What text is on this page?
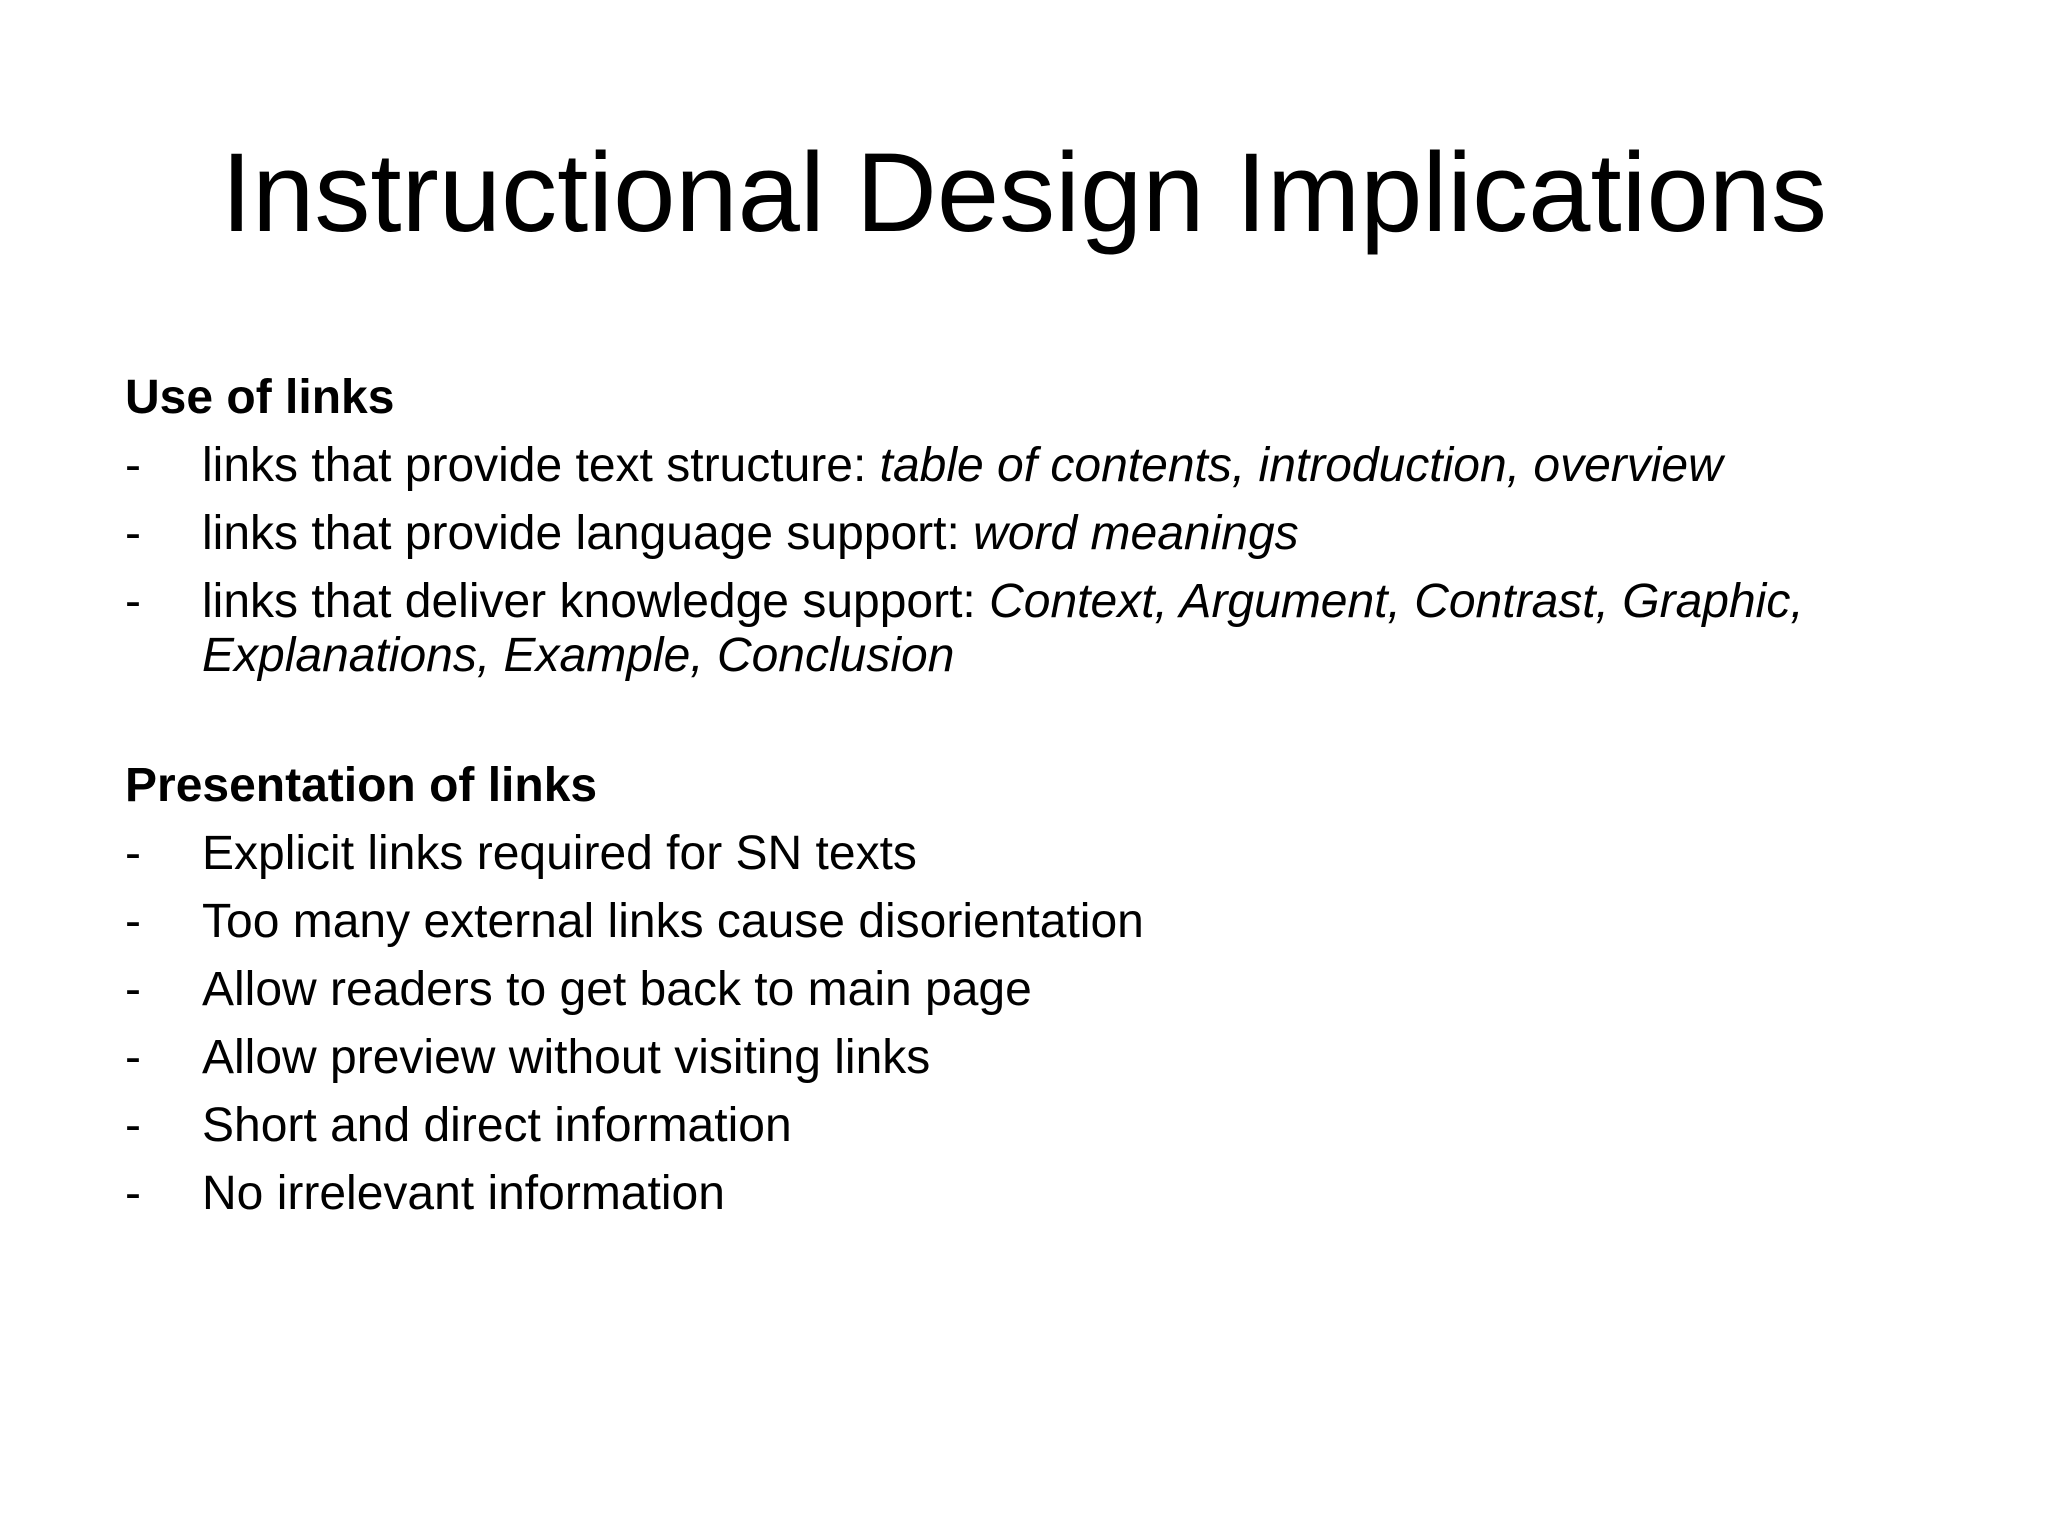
Instructional Design Implications

Use of links

- links that provide text structure: table of contents, introduction, overview

- links that provide language support: word meanings

- links that deliver knowledge support: Context, Argument, Contrast, Graphic, Explanations, Example, Conclusion

Presentation of links

- Explicit links required for SN texts

- Too many external links cause disorientation

- Allow readers to get back to main page

- Allow preview without visiting links

- Short and direct information

- No irrelevant information
